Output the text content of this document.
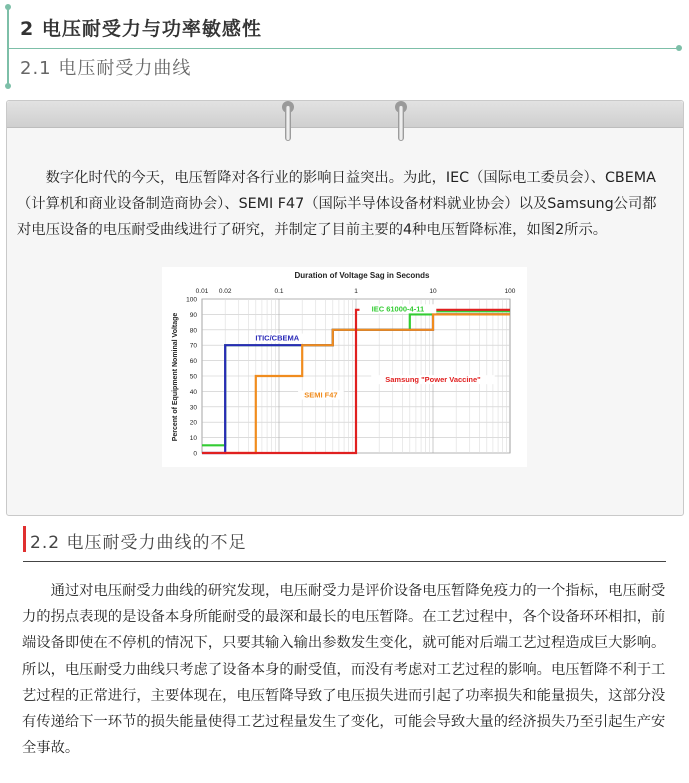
2 电压耐受力与功率敏感性
2.1 电压耐受力曲线
数字化时代的今天，电压暂降对各行业的影响日益突出。为此，IEC（国际电工委员会）、CBEMA（计算机和商业设备制造商协会）、SEMI F47（国际半导体设备材料就业协会）以及Samsung公司都对电压设备的电压耐受曲线进行了研究，并制定了目前主要的4种电压暂降标准，如图2所示。
Duration of Voltage Sag in Seconds
Percent of Equipment Nominal Voltage
0
10
20
30
40
50
60
70
80
90
100
0.01 0.02	0.1	1	10	100
IEC 61000-4-11
ITIC/CBEMA
SEMI F47
Samsung "Power Vaccine"
2.2 电压耐受力曲线的不足
通过对电压耐受力曲线的研究发现，电压耐受力是评价设备电压暂降免疫力的一个指标，电压耐受力的拐点表现的是设备本身所能耐受的最深和最长的电压暂降。在工艺过程中，各个设备环环相扣，前端设备即使在不停机的情况下，只要其输入输出参数发生变化，就可能对后端工艺过程造成巨大影响。所以，电压耐受力曲线只考虑了设备本身的耐受值，而没有考虑对工艺过程的影响。电压暂降不利于工艺过程的正常进行，主要体现在，电压暂降导致了电压损失进而引起了功率损失和能量损失，这部分没有传递给下一环节的损失能量使得工艺过程量发生了变化，可能会导致大量的经济损失乃至引起生产安全事故。
